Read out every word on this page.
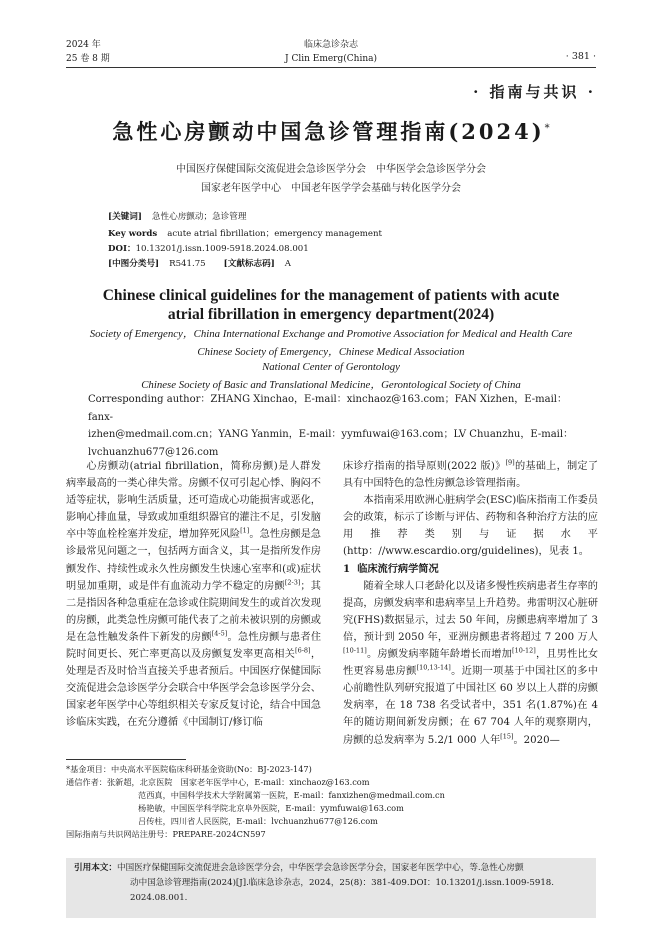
2024 年
25 卷 8 期
临床急诊杂志
J Clin Emerg(China)	· 381 ·
· 指南与共识 ·
急性心房颤动中国急诊管理指南(2024)*
中国医疗保健国际交流促进会急诊医学分会　中华医学会急诊医学分会
国家老年医学中心　中国老年医学学会基础与转化医学分会
[关键词] 急性心房颤动；急诊管理
Key words acute atrial fibrillation；emergency management
DOI：10.13201/j.issn.1009-5918.2024.08.001
[中图分类号] R541.75 [文献标志码] A
Chinese clinical guidelines for the management of patients with acute
atrial fibrillation in emergency department(2024)
Society of Emergency，China International Exchange and Promotive Association for Medical and Health Care
Chinese Society of Emergency，Chinese Medical Association
National Center of Gerontology
Chinese Society of Basic and Translational Medicine，Gerontological Society of China
Corresponding author：ZHANG Xinchao，E-mail：xinchaoz@163.com；FAN Xizhen，E-mail：fanx-
izhen@medmail.com.cn；YANG Yanmin，E-mail：yymfuwai@163.com；LV Chuanzhu，E-mail：
lvchuanzhu677@126.com

心房颤动(atrial fibrillation，简称房颤)是人群发病率最高的一类心律失常。房颤不仅可引起心悸、胸闷不适等症状，影响生活质量，还可造成心功能损害或恶化，影响心排血量，导致或加重组织器官的灌注不足，引发脑卒中等血栓栓塞并发症，增加猝死风险[1]。急性房颤是急诊最常见问题之一，包括两方面含义，其一是指所发作房颤发作、持续性或永久性房颤发生快速心室率和(或)症状明显加重期，或是伴有血流动力学不稳定的房颤[2-3]；其二是指因各种急重症在急诊或住院期间发生的或首次发现的房颤，此类急性房颤可能代表了之前未被识别的房颤或是在急性触发条件下新发的房颤[4-5]。急性房颤与患者住院时间更长、死亡率更高以及房颤复发率更高相关[6-8]，处理是否及时恰当直接关乎患者预后。中国医疗保健国际交流促进会急诊医学分会联合中华医学会急诊医学分会、国家老年医学中心等组织相关专家反复讨论，结合中国急诊临床实践，在充分遵循《中国制订/修订临

床诊疗指南的指导原则(2022 版)》[9]的基础上，制定了具有中国特色的急性房颤急诊管理指南。

本指南采用欧洲心脏病学会(ESC)临床指南工作委员会的政策，标示了诊断与评估、药物和各种治疗方法的应用推荐类别与证据水平(http：//www.escardio.org/guidelines)，见表 1。

1 临床流行病学简况

随着全球人口老龄化以及诸多慢性疾病患者生存率的提高，房颤发病率和患病率呈上升趋势。弗雷明汉心脏研究(FHS)数据显示，过去 50 年间，房颤患病率增加了 3 倍，预计到 2050 年，亚洲房颤患者将超过 7 200 万人[10-11]。房颤发病率随年龄增长而增加[10-12]，且男性比女性更容易患房颤[10,13-14]。近期一项基于中国社区的多中心前瞻性队列研究报道了中国社区 60 岁以上人群的房颤发病率，在 18 738 名受试者中，351 名(1.87%)在 4 年的随访期间新发房颤；在 67 704 人年的观察期内，房颤的总发病率为 5.2/1 000 人年[15]。2020—

*基金项目：中央高水平医院临床科研基金资助(No：BJ-2023-147)
通信作者：张新超，北京医院　国家老年医学中心，E-mail：xinchaoz@163.com
范西真，中国科学技术大学附属第一医院，E-mail：fanxizhen@medmail.com.cn
杨艳敏，中国医学科学院北京阜外医院，E-mail：yymfuwai@163.com
吕传柱，四川省人民医院，E-mail：lvchuanzhu677@126.com
国际指南与共识网站注册号：PREPARE-2024CN597
引用本文：中国医疗保健国际交流促进会急诊医学分会，中华医学会急诊医学分会，国家老年医学中心，等.急性心房颤
动中国急诊管理指南(2024)[J].临床急诊杂志，2024，25(8)：381-409.DOI：10.13201/j.issn.1009-5918.
2024.08.001.
